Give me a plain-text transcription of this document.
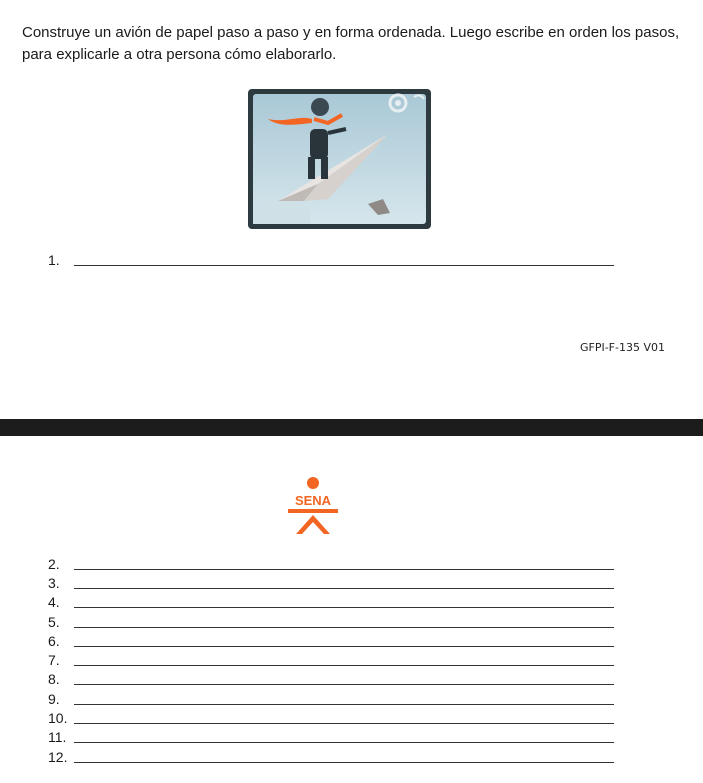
Construye un avión de papel paso a paso y en forma ordenada. Luego escribe en orden los pasos, para explicarle a otra persona cómo elaborarlo.

1.
GFPI-F-135 V01
SENA
2.
3.
4.
5.
6.
7.
8.
9.
10.
11.
12.
